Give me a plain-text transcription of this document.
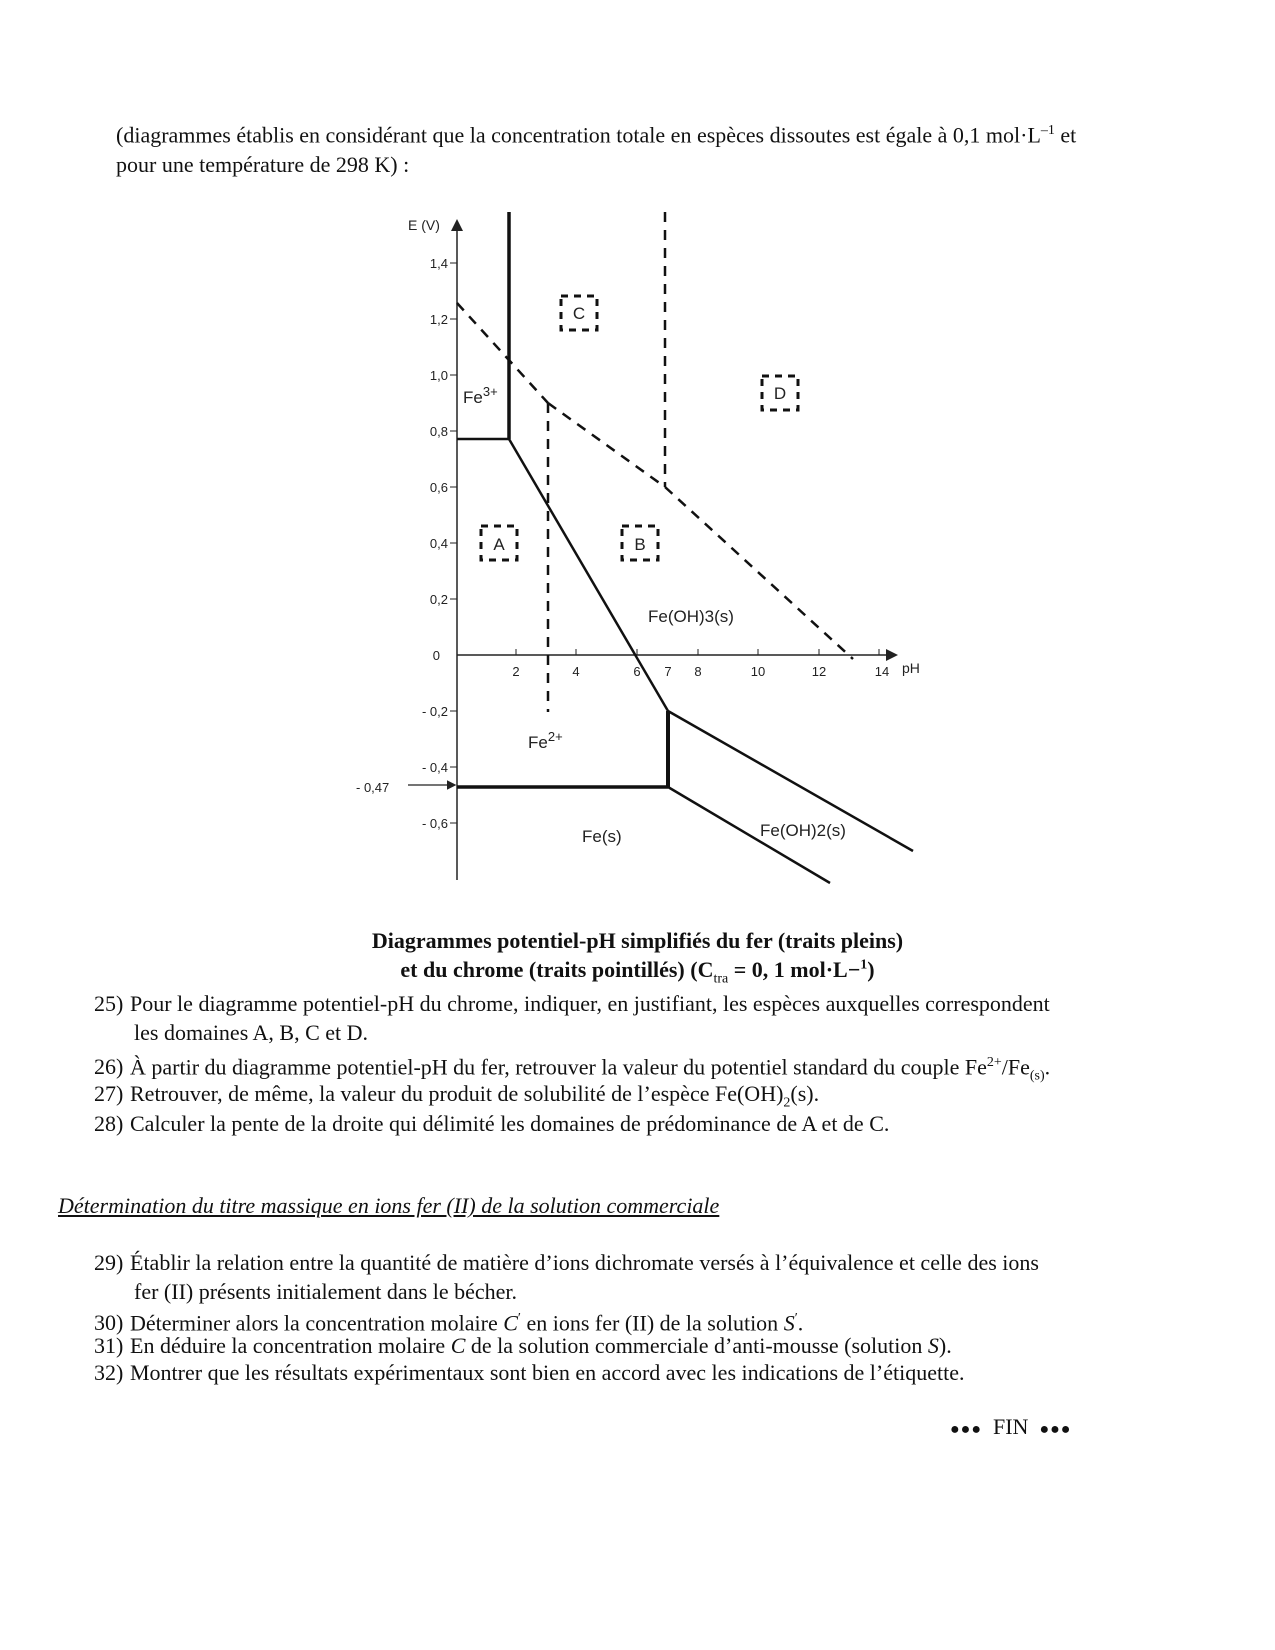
(diagrammes établis en considérant que la concentration totale en espèces dissoutes est égale à 0,1 $mol\cdot L^{-1}$ et
pour une température de 298 K) :
E (V)
pH
1,4
1,2
1,0
0,8
0,6
0,4
0,2
0
- 0,2
- 0,4
- 0,6
2	4	6 7 8	10	12	14
- 0,47
$Fe^{3+}$
$Fe^{2+}$
Fe(OH)3(s)
Fe(OH)2(s)
Fe(s)
A	B
C
D
Diagrammes potentiel-pH simplifiés du fer (traits pleins)
et du chrome (traits pointillés) ($C_{tra} = 0$, 1 mol·L−$^1$)
25) Pour le diagramme potentiel-pH du chrome, indiquer, en justifiant, les espèces auxquelles correspondent
les domaines A, B, C et D.
26) À partir du diagramme potentiel-pH du fer, retrouver la valeur du potentiel standard du couple $Fe^{2+}/Fe_{(s)}$.
27) Retrouver, de même, la valeur du produit de solubilité de l’espèce $Fe(OH)_2(s)$.
28) Calculer la pente de la droite qui délimité les domaines de prédominance de A et de C.
Détermination du titre massique en ions fer (II) de la solution commerciale
29) Établir la relation entre la quantité de matière d’ions dichromate versés à l’équivalence et celle des ions
fer (II) présents initialement dans le bécher.
30) Déterminer alors la concentration molaire C′ en ions fer (II) de la solution S′.
31) En déduire la concentration molaire C de la solution commerciale d’anti-mousse (solution S).
32) Montrer que les résultats expérimentaux sont bien en accord avec les indications de l’étiquette.
●●● FIN ●●●
